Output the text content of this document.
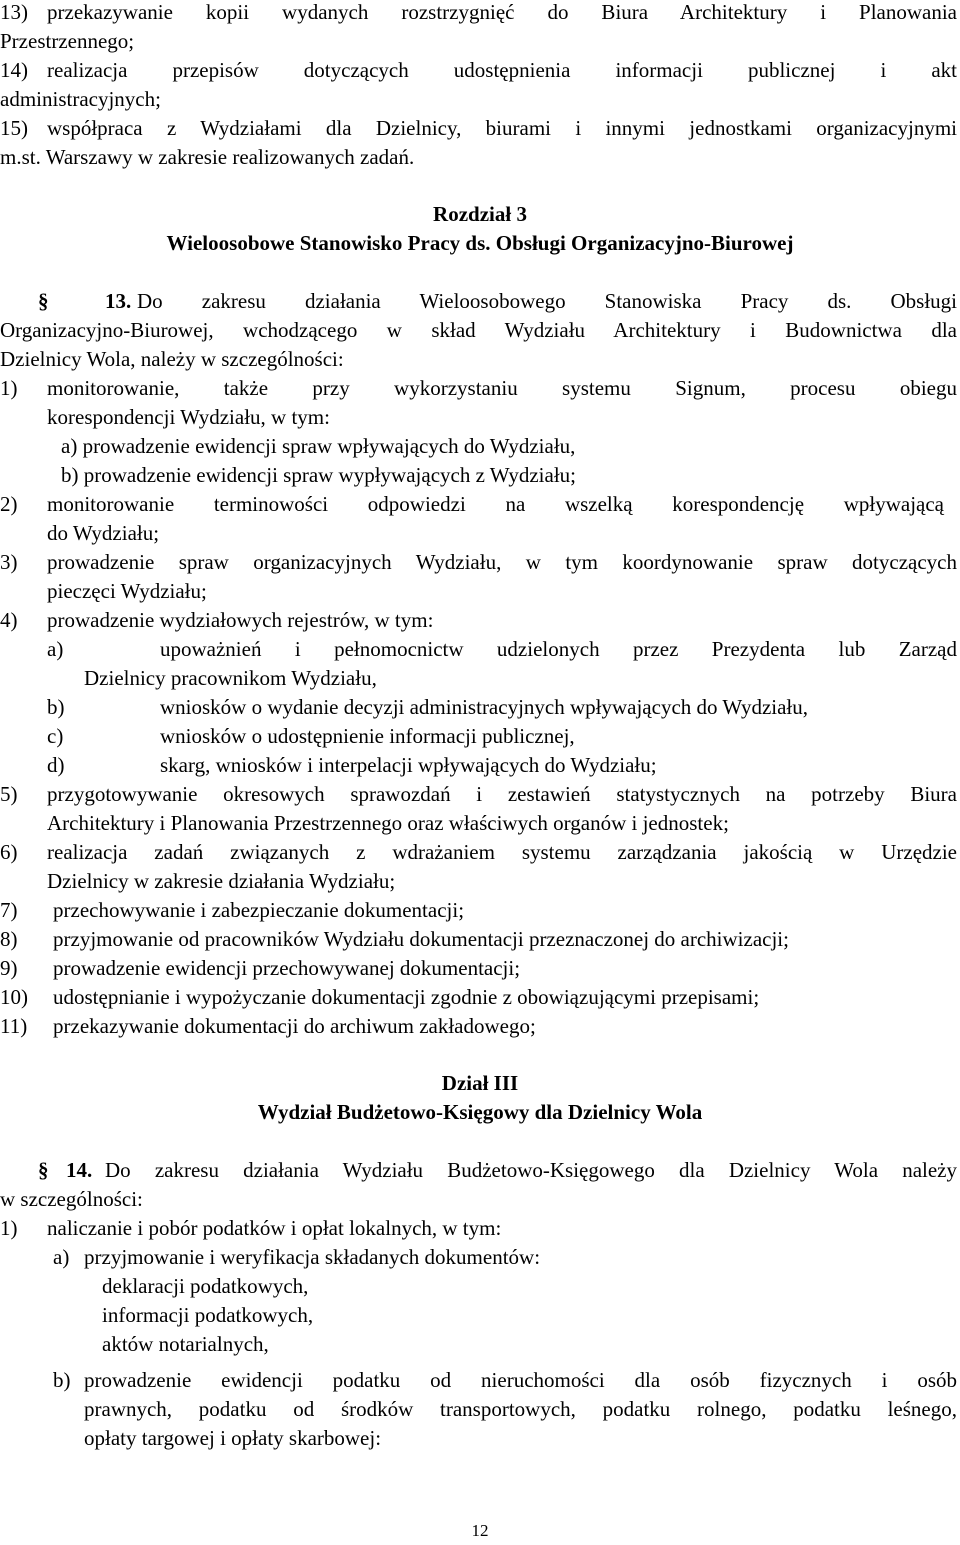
13) przekazywanie kopii wydanych rozstrzygnięć do Biura Architektury i Planowania
Przestrzennego;
14) realizacja przepisów dotyczących udostępnienia informacji publicznej i akt
administracyjnych;
15) współpraca z Wydziałami dla Dzielnicy, biurami i innymi jednostkami organizacyjnymi
m.st. Warszawy w zakresie realizowanych zadań.
Rozdział 3
Wieloosobowe Stanowisko Pracy ds. Obsługi Organizacyjno-Biurowej
§	13. Do zakresu działania Wieloosobowego Stanowiska Pracy ds. Obsługi
Organizacyjno-Biurowej, wchodzącego w skład Wydziału Architektury i Budownictwa dla
Dzielnicy Wola, należy w szczególności:
1) monitorowanie, także przy wykorzystaniu systemu Signum, procesu obiegu
korespondencji Wydziału, w tym:
a) prowadzenie ewidencji spraw wpływających do Wydziału,
b) prowadzenie ewidencji spraw wypływających z Wydziału;
2) monitorowanie terminowości odpowiedzi na wszelką korespondencję wpływającą
do Wydziału;
3) prowadzenie spraw organizacyjnych Wydziału, w tym koordynowanie spraw dotyczących
pieczęci Wydziału;
4) prowadzenie wydziałowych rejestrów, w tym:
a)	upoważnień i pełnomocnictw udzielonych przez Prezydenta lub Zarząd
Dzielnicy pracownikom Wydziału,
b)	wniosków o wydanie decyzji administracyjnych wpływających do Wydziału,
c)	wniosków o udostępnienie informacji publicznej,
d)	skarg, wniosków i interpelacji wpływających do Wydziału;
5) przygotowywanie okresowych sprawozdań i zestawień statystycznych na potrzeby Biura
Architektury i Planowania Przestrzennego oraz właściwych organów i jednostek;
6) realizacja zadań związanych z wdrażaniem systemu zarządzania jakością w Urzędzie
Dzielnicy w zakresie działania Wydziału;
7) przechowywanie i zabezpieczanie dokumentacji;
8) przyjmowanie od pracowników Wydziału dokumentacji przeznaczonej do archiwizacji;
9) prowadzenie ewidencji przechowywanej dokumentacji;
10) udostępnianie i wypożyczanie dokumentacji zgodnie z obowiązującymi przepisami;
11) przekazywanie dokumentacji do archiwum zakładowego;
Dział III
Wydział Budżetowo-Księgowy dla Dzielnicy Wola
§ 14. Do zakresu działania Wydziału Budżetowo-Księgowego dla Dzielnicy Wola należy
w szczególności:
1) naliczanie i pobór podatków i opłat lokalnych, w tym:
a) przyjmowanie i weryfikacja składanych dokumentów:
deklaracji podatkowych,
informacji podatkowych,
aktów notarialnych,
b) prowadzenie ewidencji podatku od nieruchomości dla osób fizycznych i osób
prawnych, podatku od środków transportowych, podatku rolnego, podatku leśnego,
opłaty targowej i opłaty skarbowej:
12
